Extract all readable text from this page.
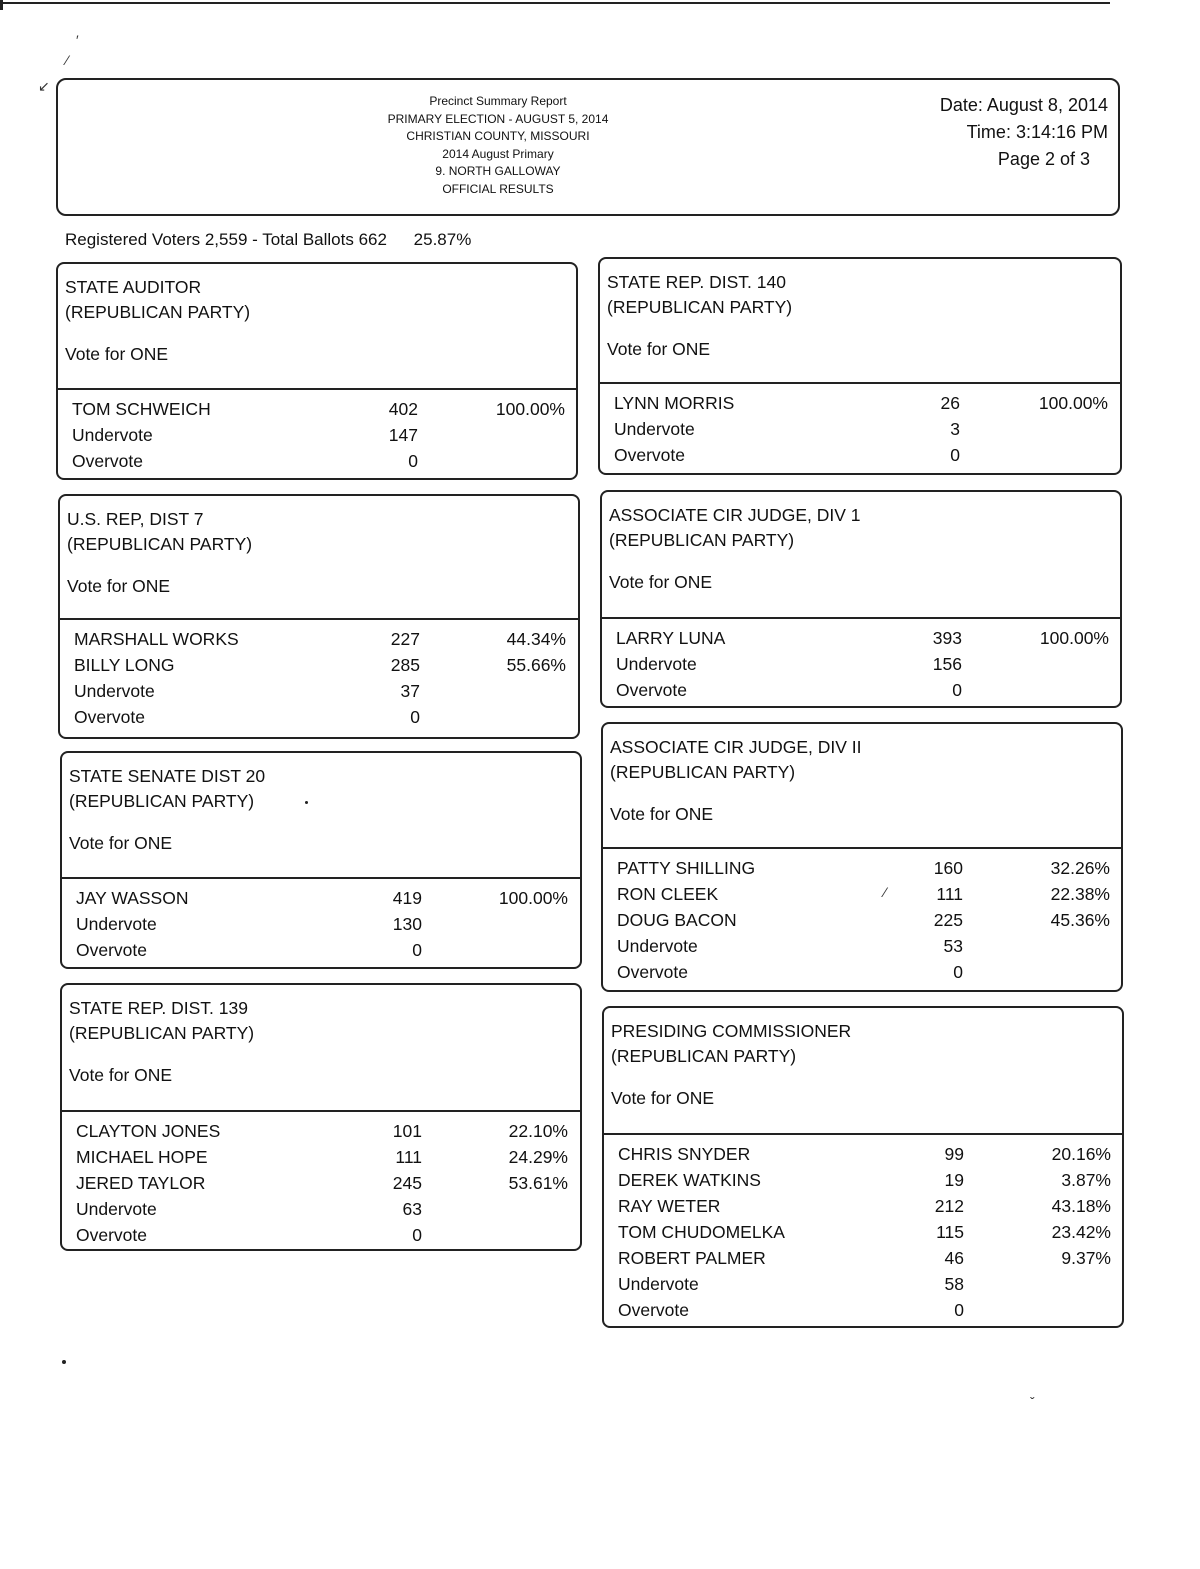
′
⁄
↙
⁄
ˇ
Precinct Summary Report
PRIMARY ELECTION - AUGUST 5, 2014
CHRISTIAN COUNTY, MISSOURI
2014 August Primary
9. NORTH GALLOWAY
OFFICIAL RESULTS
Date: August 8, 2014
Time: 3:14:16 PM
Page 2 of 3
Registered Voters 2,559 - Total Ballots 662 25.87%
STATE AUDITOR
(REPUBLICAN PARTY)
Vote for ONE
TOM SCHWEICH	402	100.00%
Undervote	147
Overvote	0
U.S. REP, DIST 7
(REPUBLICAN PARTY)
Vote for ONE
MARSHALL WORKS	227	44.34%
BILLY LONG	285	55.66%
Undervote	37
Overvote	0
STATE SENATE DIST 20
(REPUBLICAN PARTY)
Vote for ONE
JAY WASSON	419	100.00%
Undervote	130
Overvote	0
STATE REP. DIST. 139
(REPUBLICAN PARTY)
Vote for ONE
CLAYTON JONES	101	22.10%
MICHAEL HOPE	111	24.29%
JERED TAYLOR	245	53.61%
Undervote	63
Overvote	0
STATE REP. DIST. 140
(REPUBLICAN PARTY)
Vote for ONE
LYNN MORRIS	26	100.00%
Undervote	3
Overvote	0
ASSOCIATE CIR JUDGE, DIV 1
(REPUBLICAN PARTY)
Vote for ONE
LARRY LUNA	393	100.00%
Undervote	156
Overvote	0
ASSOCIATE CIR JUDGE, DIV II
(REPUBLICAN PARTY)
Vote for ONE
PATTY SHILLING	160	32.26%
RON CLEEK	111	22.38%
DOUG BACON	225	45.36%
Undervote	53
Overvote	0
PRESIDING COMMISSIONER
(REPUBLICAN PARTY)
Vote for ONE
CHRIS SNYDER	99	20.16%
DEREK WATKINS	19	3.87%
RAY WETER	212	43.18%
TOM CHUDOMELKA	115	23.42%
ROBERT PALMER	46	9.37%
Undervote	58
Overvote	0
